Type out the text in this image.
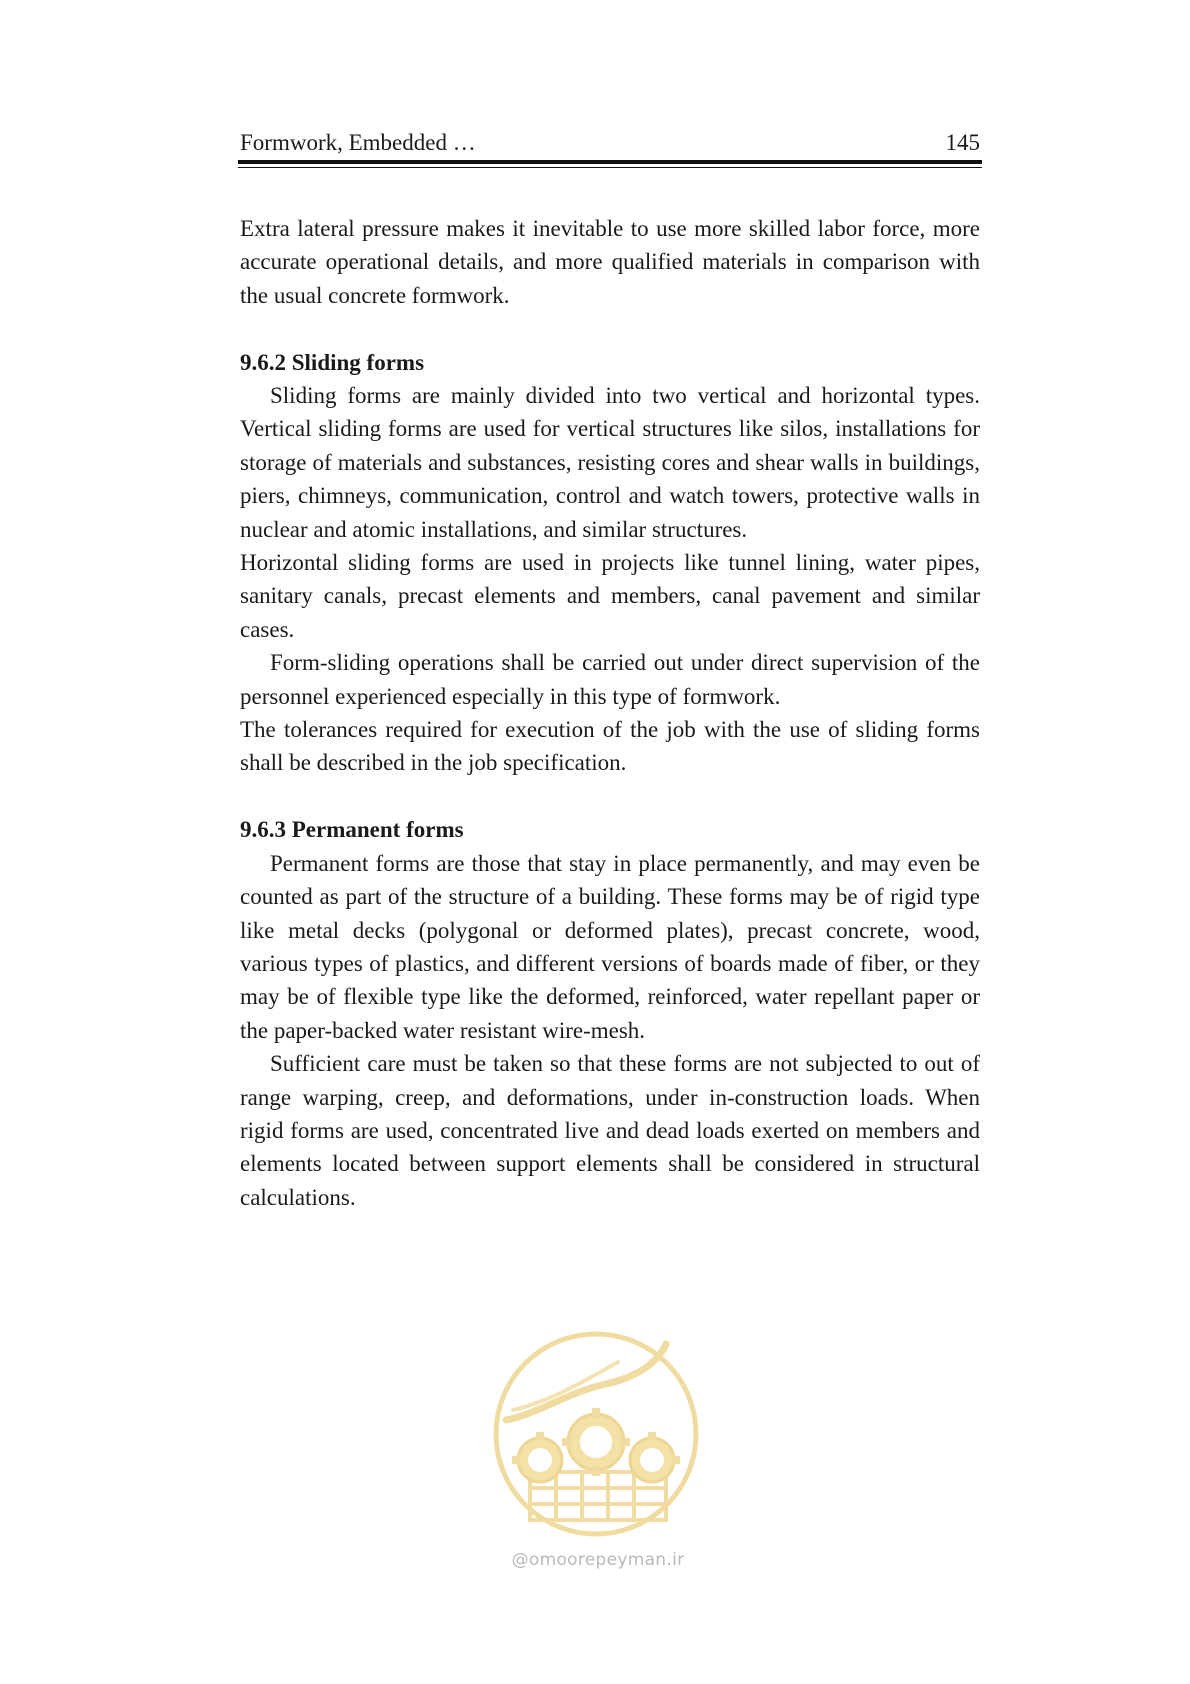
Formwork, Embedded …	145

Extra lateral pressure makes it inevitable to use more skilled labor force, more accurate operational details, and more qualified materials in comparison with the usual concrete formwork.

9.6.2 Sliding forms

Sliding forms are mainly divided into two vertical and horizontal types. Vertical sliding forms are used for vertical structures like silos, installations for storage of materials and substances, resisting cores and shear walls in buildings, piers, chimneys, communication, control and watch towers, protective walls in nuclear and atomic installations, and similar structures.

Horizontal sliding forms are used in projects like tunnel lining, water pipes, sanitary canals, precast elements and members, canal pavement and similar cases.

Form-sliding operations shall be carried out under direct supervision of the personnel experienced especially in this type of formwork.

The tolerances required for execution of the job with the use of sliding forms shall be described in the job specification.

9.6.3 Permanent forms

Permanent forms are those that stay in place permanently, and may even be counted as part of the structure of a building. These forms may be of rigid type like metal decks (polygonal or deformed plates), precast concrete, wood, various types of plastics, and different versions of boards made of fiber, or they may be of flexible type like the deformed, reinforced, water repellant paper or the paper-backed water resistant wire-mesh.

Sufficient care must be taken so that these forms are not subjected to out of range warping, creep, and deformations, under in-construction loads. When rigid forms are used, concentrated live and dead loads exerted on members and elements located between support elements shall be considered in structural calculations.

@omoorepeyman.ir
